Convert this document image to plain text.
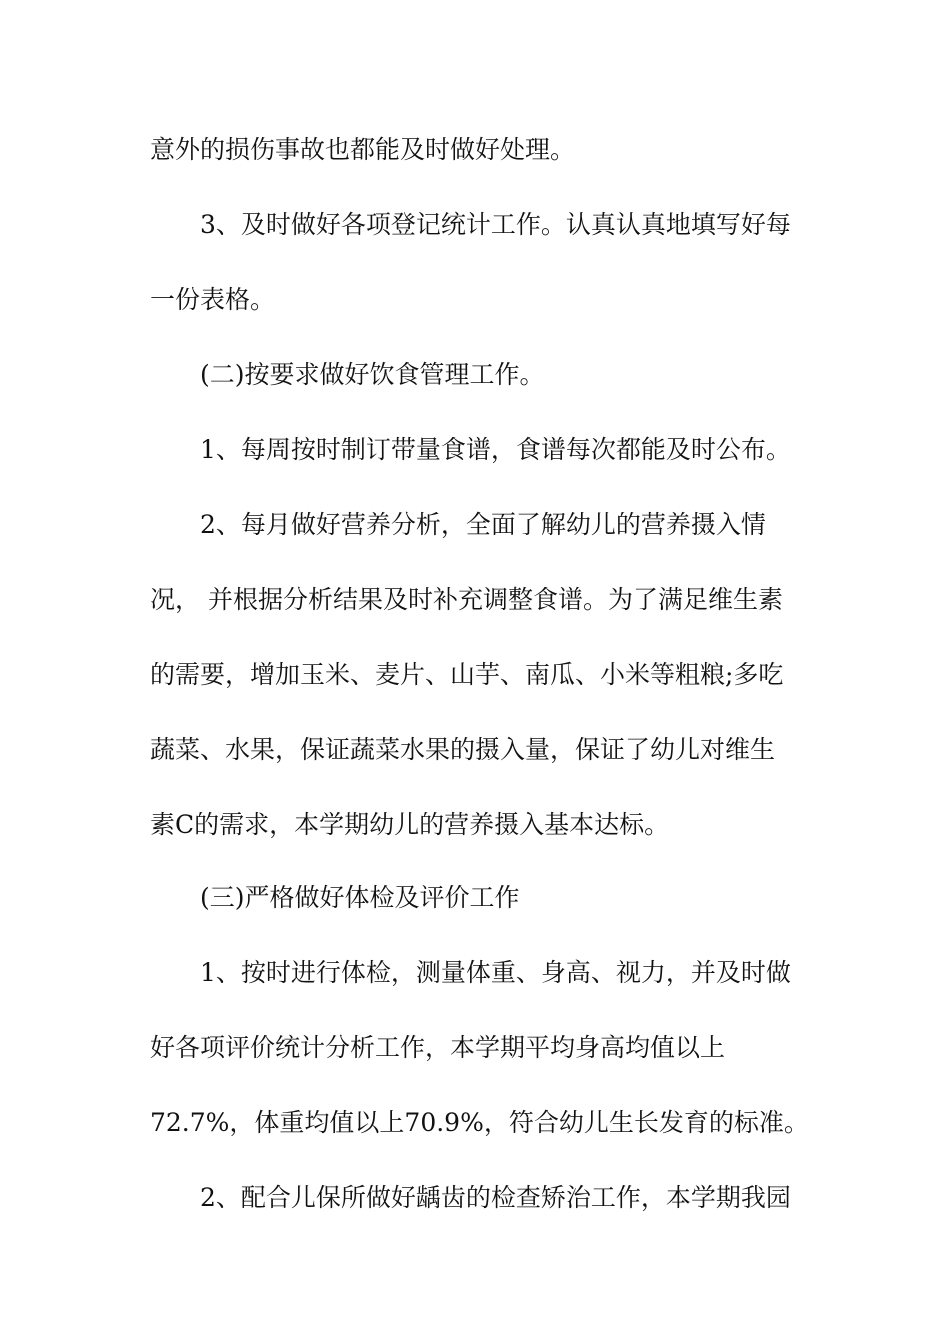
意外的损伤事故也都能及时做好处理。
3、及时做好各项登记统计工作。认真认真地填写好每
一份表格。
(二)按要求做好饮食管理工作。
1、每周按时制订带量食谱，食谱每次都能及时公布。
2、每月做好营养分析，全面了解幼儿的营养摄入情
况， 并根据分析结果及时补充调整食谱。为了满足维生素
的需要，增加玉米、麦片、山芋、南瓜、小米等粗粮;多吃
蔬菜、水果，保证蔬菜水果的摄入量，保证了幼儿对维生
素C的需求，本学期幼儿的营养摄入基本达标。
(三)严格做好体检及评价工作
1、按时进行体检，测量体重、身高、视力，并及时做
好各项评价统计分析工作，本学期平均身高均值以上
72.7%，体重均值以上70.9%，符合幼儿生长发育的标准。
2、配合儿保所做好龋齿的检查矫治工作，本学期我园
